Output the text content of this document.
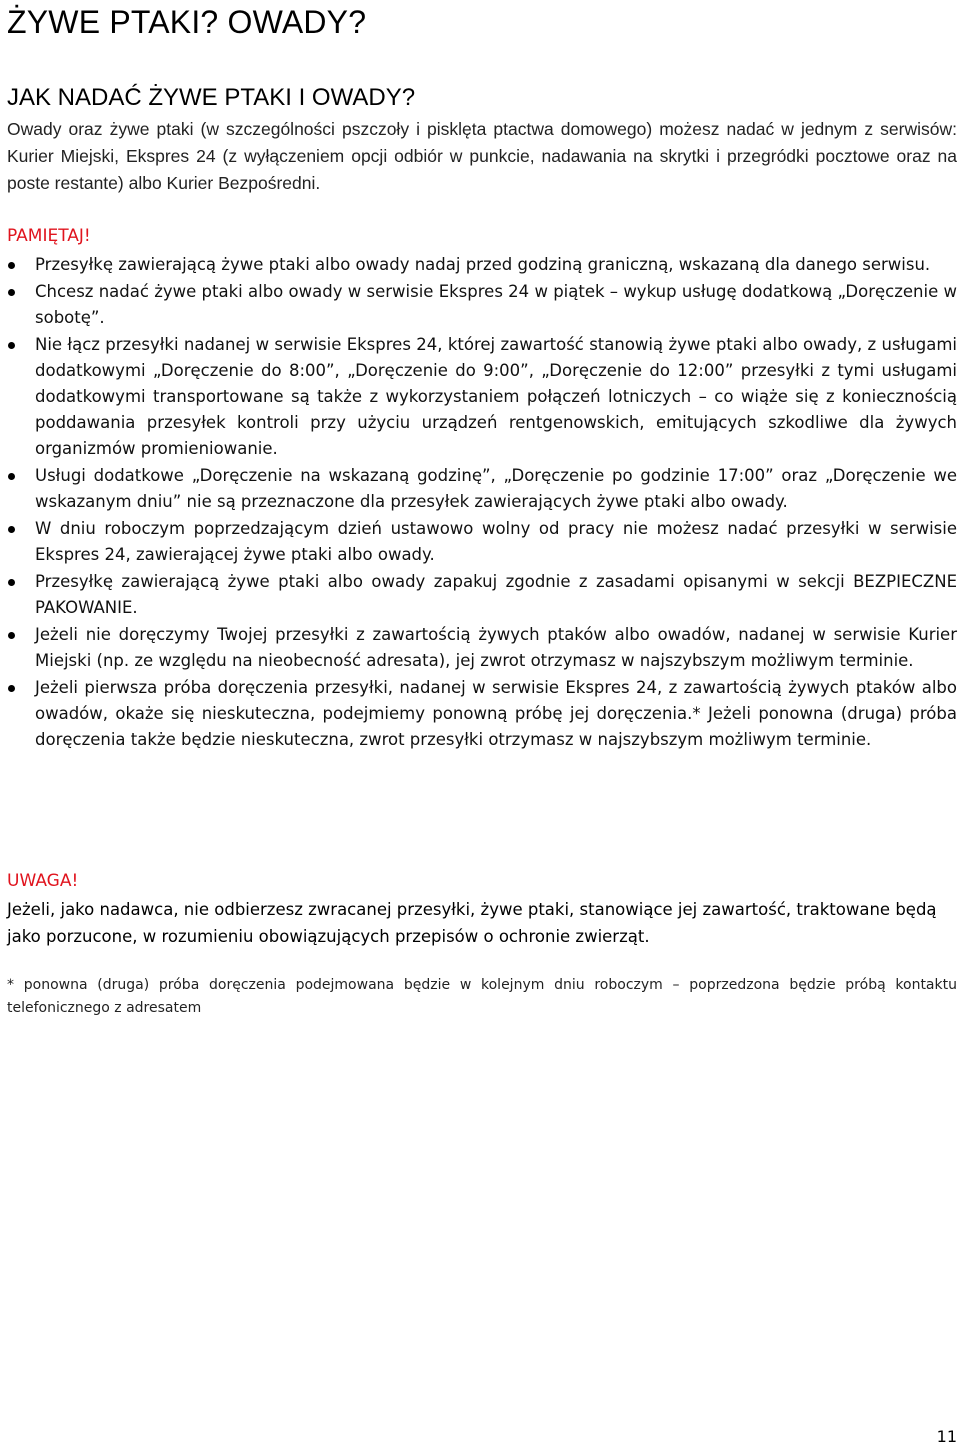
ŻYWE PTAKI? OWADY?
JAK NADAĆ ŻYWE PTAKI I OWADY?

Owady oraz żywe ptaki (w szczególności pszczoły i pisklęta ptactwa domowego) możesz nadać w jednym z serwisów: Kurier Miejski, Ekspres 24 (z wyłączeniem opcji odbiór w punkcie, nadawania na skrytki i przegródki pocztowe oraz na poste restante) albo Kurier Bezpośredni.

PAMIĘTAJ!
Przesyłkę zawierającą żywe ptaki albo owady nadaj przed godziną graniczną, wskazaną dla danego serwisu.
Chcesz nadać żywe ptaki albo owady w serwisie Ekspres 24 w piątek – wykup usługę dodatkową „Doręczenie w sobotę”.
Nie łącz przesyłki nadanej w serwisie Ekspres 24, której zawartość stanowią żywe ptaki albo owady, z usługami dodatkowymi „Doręczenie do 8:00”, „Doręczenie do 9:00”, „Doręczenie do 12:00” przesyłki z tymi usługami dodatkowymi transportowane są także z wykorzystaniem połączeń lotniczych – co wiąże się z koniecznością poddawania przesyłek kontroli przy użyciu urządzeń rentgenowskich, emitujących szkodliwe dla żywych organizmów promieniowanie.
Usługi dodatkowe „Doręczenie na wskazaną godzinę”, „Doręczenie po godzinie 17:00” oraz „Doręczenie we wskazanym dniu” nie są przeznaczone dla przesyłek zawierających żywe ptaki albo owady.
W dniu roboczym poprzedzającym dzień ustawowo wolny od pracy nie możesz nadać przesyłki w serwisie Ekspres 24, zawierającej żywe ptaki albo owady.
Przesyłkę zawierającą żywe ptaki albo owady zapakuj zgodnie z zasadami opisanymi w sekcji BEZPIECZNE PAKOWANIE.
Jeżeli nie doręczymy Twojej przesyłki z zawartością żywych ptaków albo owadów, nadanej w serwisie Kurier Miejski (np. ze względu na nieobecność adresata), jej zwrot otrzymasz w najszybszym możliwym terminie.
Jeżeli pierwsza próba doręczenia przesyłki, nadanej w serwisie Ekspres 24, z zawartością żywych ptaków albo owadów, okaże się nieskuteczna, podejmiemy ponowną próbę jej doręczenia.* Jeżeli ponowna (druga) próba doręczenia także będzie nieskuteczna, zwrot przesyłki otrzymasz w najszybszym możliwym terminie.
UWAGA!

Jeżeli, jako nadawca, nie odbierzesz zwracanej przesyłki, żywe ptaki, stanowiące jej zawartość, traktowane będą jako porzucone, w rozumieniu obowiązujących przepisów o ochronie zwierząt.

* ponowna (druga) próba doręczenia podejmowana będzie w kolejnym dniu roboczym – poprzedzona będzie próbą kontaktu telefonicznego z adresatem

11
